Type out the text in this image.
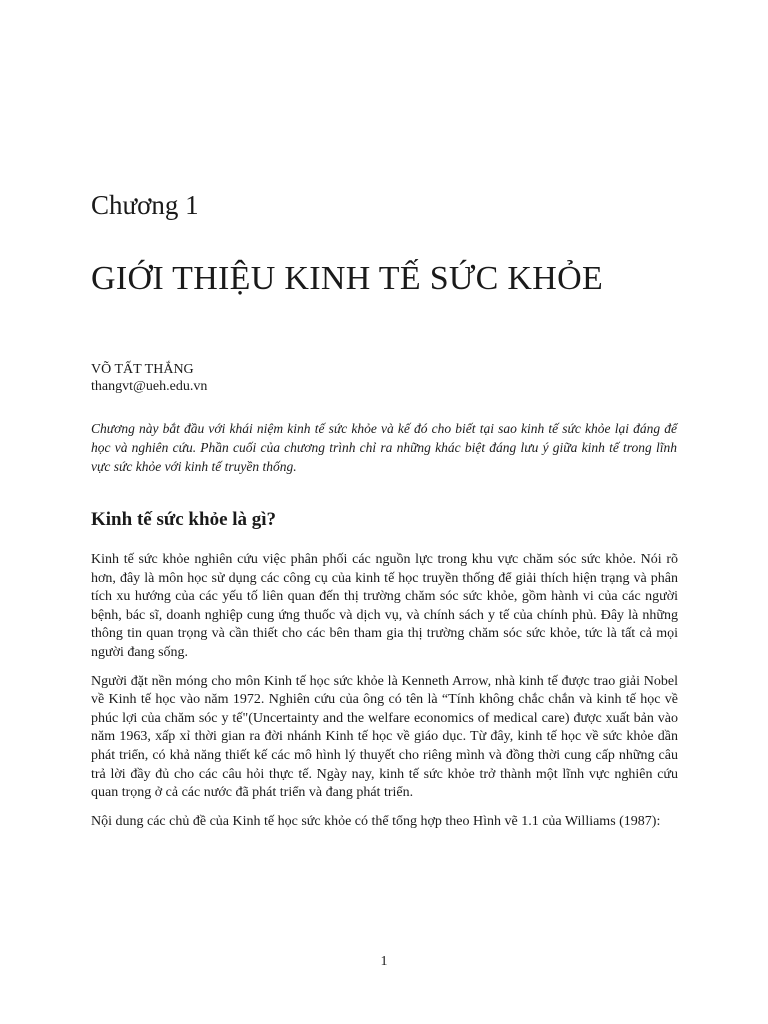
Chương 1
GIỚI THIỆU KINH TẾ SỨC KHỎE
VÕ TẤT THẮNG
thangvt@ueh.edu.vn

Chương này bắt đầu với khái niệm kinh tế sức khỏe và kế đó cho biết tại sao kinh tế sức khỏe lại đáng để học và nghiên cứu. Phần cuối của chương trình chỉ ra những khác biệt đáng lưu ý giữa kinh tế trong lĩnh vực sức khỏe với kinh tế truyền thống.

Kinh tế sức khỏe là gì?

Kinh tế sức khỏe nghiên cứu việc phân phối các nguồn lực trong khu vực chăm sóc sức khỏe. Nói rõ hơn, đây là môn học sử dụng các công cụ của kinh tế học truyền thống để giải thích hiện trạng và phân tích xu hướng của các yếu tố liên quan đến thị trường chăm sóc sức khỏe, gồm hành vi của các người bệnh, bác sĩ, doanh nghiệp cung ứng thuốc và dịch vụ, và chính sách y tế của chính phủ. Đây là những thông tin quan trọng và cần thiết cho các bên tham gia thị trường chăm sóc sức khỏe, tức là tất cả mọi người đang sống.

Người đặt nền móng cho môn Kinh tế học sức khỏe là Kenneth Arrow, nhà kinh tế được trao giải Nobel về Kinh tế học vào năm 1972. Nghiên cứu của ông có tên là “Tính không chắc chắn và kinh tế học về phúc lợi của chăm sóc y tế"(Uncertainty and the welfare economics of medical care) được xuất bản vào năm 1963, xấp xỉ thời gian ra đời nhánh Kinh tế học về giáo dục. Từ đây, kinh tế học về sức khỏe dần phát triển, có khả năng thiết kế các mô hình lý thuyết cho riêng mình và đồng thời cung cấp những câu trả lời đầy đủ cho các câu hỏi thực tế. Ngày nay, kinh tế sức khỏe trở thành một lĩnh vực nghiên cứu quan trọng ở cả các nước đã phát triển và đang phát triển.

Nội dung các chủ đề của Kinh tế học sức khỏe có thể tổng hợp theo Hình vẽ 1.1 của Williams (1987):

1
